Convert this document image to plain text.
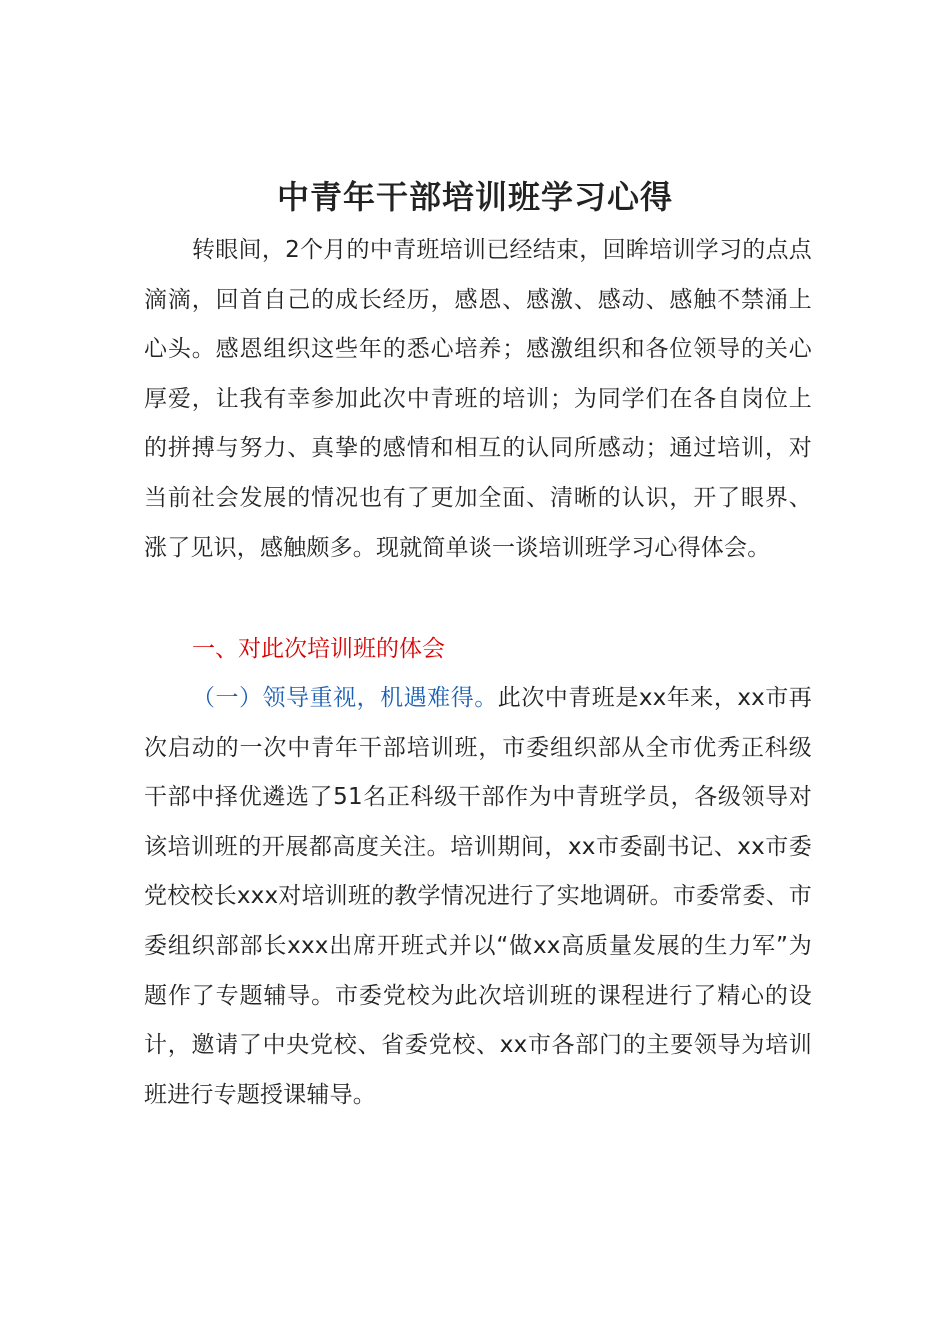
中青年干部培训班学习心得

转眼间，2个月的中青班培训已经结束，回眸培训学习的点点滴滴，回首自己的成长经历，感恩、感激、感动、感触不禁涌上心头。感恩组织这些年的悉心培养；感激组织和各位领导的关心厚爱，让我有幸参加此次中青班的培训；为同学们在各自岗位上的拼搏与努力、真挚的感情和相互的认同所感动；通过培训，对当前社会发展的情况也有了更加全面、清晰的认识，开了眼界、涨了见识，感触颇多。现就简单谈一谈培训班学习心得体会。

一、对此次培训班的体会

（一）领导重视，机遇难得。此次中青班是xx年来，xx市再次启动的一次中青年干部培训班，市委组织部从全市优秀正科级干部中择优遴选了51名正科级干部作为中青班学员，各级领导对该培训班的开展都高度关注。培训期间，xx市委副书记、xx市委党校校长xxx对培训班的教学情况进行了实地调研。市委常委、市委组织部部长xxx出席开班式并以“做xx高质量发展的生力军”为题作了专题辅导。市委党校为此次培训班的课程进行了精心的设计，邀请了中央党校、省委党校、xx市各部门的主要领导为培训班进行专题授课辅导。
